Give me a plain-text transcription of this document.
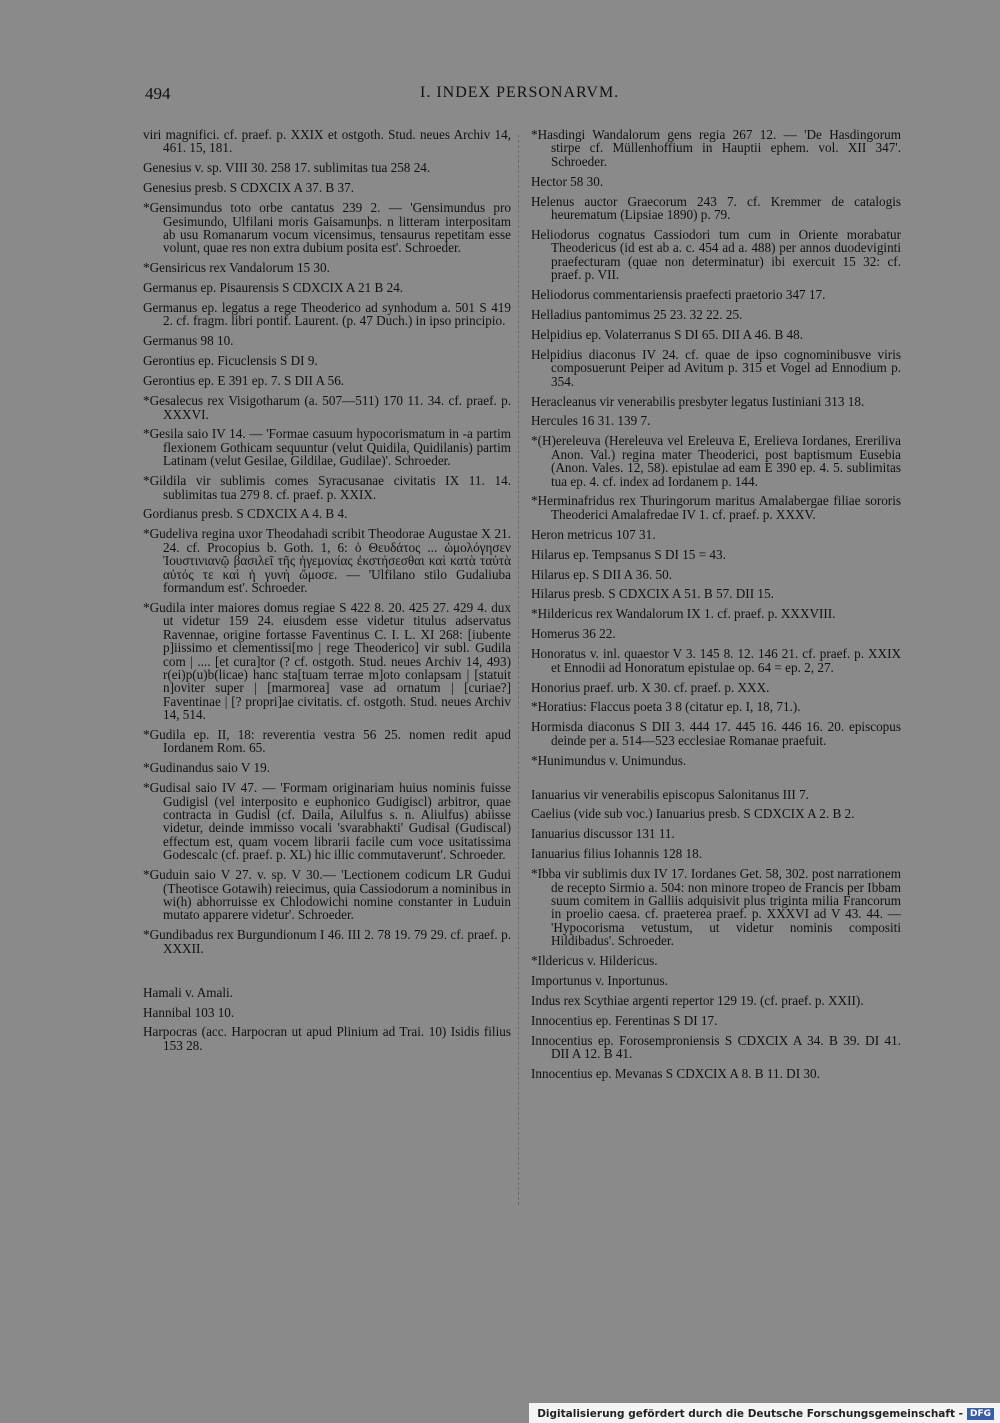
494	I. INDEX PERSONARVM.
viri magnifici. cf. praef. p. XXIX et ostgoth. Stud. neues Archiv 14, 461. 15, 181.
Genesius v. sp. VIII 30. 258 17. sublimitas tua 258 24.
Genesius presb. S CDXCIX A 37. B 37.
*Gensimundus toto orbe cantatus 239 2. — 'Gensimundus pro Gesimundo, Ulfilani moris Gaisamunþs. n litteram interpositam ab usu Romanarum vocum vicensimus, tensaurus repetitam esse volunt, quae res non extra dubium posita est'. Schroeder.
*Gensiricus rex Vandalorum 15 30.
Germanus ep. Pisaurensis S CDXCIX A 21 B 24.
Germanus ep. legatus a rege Theoderico ad synhodum a. 501 S 419 2. cf. fragm. libri pontif. Laurent. (p. 47 Duch.) in ipso principio.
Germanus 98 10.
Gerontius ep. Ficuclensis S DI 9.
Gerontius ep. E 391 ep. 7. S DII A 56.
*Gesalecus rex Visigotharum (a. 507—511) 170 11. 34. cf. praef. p. XXXVI.
*Gesila saio IV 14. — 'Formae casuum hypocorismatum in -a partim flexionem Gothicam sequuntur (velut Quidila, Quidilanis) partim Latinam (velut Gesilae, Gildilae, Gudilae)'. Schroeder.
*Gildila vir sublimis comes Syracusanae civitatis IX 11. 14. sublimitas tua 279 8. cf. praef. p. XXIX.
Gordianus presb. S CDXCIX A 4. B 4.
*Gudeliva regina uxor Theodahadi scribit Theodorae Augustae X 21. 24. cf. Procopius b. Goth. 1, 6: ὁ Θευδάτος ... ὡμολόγησεν Ἰουστινιανῷ βασιλεῖ τῆς ἡγεμονίας ἐκστήσεσθαι καὶ κατὰ ταὐτὰ αὐτός τε καὶ ἡ γυνὴ ὤμοσε. — 'Ulfilano stilo Gudaliuba formandum est'. Schroeder.
*Gudila inter maiores domus regiae S 422 8. 20. 425 27. 429 4. dux ut videtur 159 24. eiusdem esse videtur titulus adservatus Ravennae, origine fortasse Faventinus C. I. L. XI 268: [iubente p]iissimo et clementissi[mo | rege Theoderico] vir subl. Gudila com | .... [et cura]tor (? cf. ostgoth. Stud. neues Archiv 14, 493) r(ei)p(u)b(licae) hanc sta[tuam terrae m]oto conlapsam | [statuit n]oviter super | [marmorea] vase ad ornatum | [curiae?] Faventinae | [? propri]ae civitatis. cf. ostgoth. Stud. neues Archiv 14, 514.
*Gudila ep. II, 18: reverentia vestra 56 25. nomen redit apud Iordanem Rom. 65.
*Gudinandus saio V 19.
*Gudisal saio IV 47. — 'Formam originariam huius nominis fuisse Gudigisl (vel interposito e euphonico Gudigiscl) arbitror, quae contracta in Gudisl (cf. Daila, Ailulfus s. n. Aliulfus) abiisse videtur, deinde immisso vocali 'svarabhakti' Gudisal (Gudiscal) effectum est, quam vocem librarii facile cum voce usitatissima Godescalc (cf. praef. p. XL) hic illic commutaverunt'. Schroeder.
*Guduin saio V 27. v. sp. V 30.— 'Lectionem codicum LR Gudui (Theotisce Gotawih) reiecimus, quia Cassiodorum a nominibus in wi(h) abhorruisse ex Chlodowichi nomine constanter in Luduin mutato apparere videtur'. Schroeder.
*Gundibadus rex Burgundionum I 46. III 2. 78 19. 79 29. cf. praef. p. XXXII.
Hamali v. Amali.
Hannibal 103 10.
Harpocras (acc. Harpocran ut apud Plinium ad Trai. 10) Isidis filius 153 28.
*Hasdingi Wandalorum gens regia 267 12. — 'De Hasdingorum stirpe cf. Müllenhoffium in Hauptii ephem. vol. XII 347'. Schroeder.
Hector 58 30.
Helenus auctor Graecorum 243 7. cf. Kremmer de catalogis heurematum (Lipsiae 1890) p. 79.
Heliodorus cognatus Cassiodori tum cum in Oriente morabatur Theodericus (id est ab a. c. 454 ad a. 488) per annos duodeviginti praefecturam (quae non determinatur) ibi exercuit 15 32: cf. praef. p. VII.
Heliodorus commentariensis praefecti praetorio 347 17.
Helladius pantomimus 25 23. 32 22. 25.
Helpidius ep. Volaterranus S DI 65. DII A 46. B 48.
Helpidius diaconus IV 24. cf. quae de ipso cognominibusve viris composuerunt Peiper ad Avitum p. 315 et Vogel ad Ennodium p. 354.
Heracleanus vir venerabilis presbyter legatus Iustiniani 313 18.
Hercules 16 31. 139 7.
*(H)ereleuva (Hereleuva vel Ereleuva E, Erelieva Iordanes, Ereriliva Anon. Val.) regina mater Theoderici, post baptismum Eusebia (Anon. Vales. 12, 58). epistulae ad eam E 390 ep. 4. 5. sublimitas tua ep. 4. cf. index ad Iordanem p. 144.
*Herminafridus rex Thuringorum maritus Amalabergae filiae sororis Theoderici Amalafredae IV 1. cf. praef. p. XXXV.
Heron metricus 107 31.
Hilarus ep. Tempsanus S DI 15 = 43.
Hilarus ep. S DII A 36. 50.
Hilarus presb. S CDXCIX A 51. B 57. DII 15.
*Hildericus rex Wandalorum IX 1. cf. praef. p. XXXVIII.
Homerus 36 22.
Honoratus v. inl. quaestor V 3. 145 8. 12. 146 21. cf. praef. p. XXIX et Ennodii ad Honoratum epistulae op. 64 = ep. 2, 27.
Honorius praef. urb. X 30. cf. praef. p. XXX.
*Horatius: Flaccus poeta 3 8 (citatur ep. I, 18, 71.).
Hormisda diaconus S DII 3. 444 17. 445 16. 446 16. 20. episcopus deinde per a. 514—523 ecclesiae Romanae praefuit.
*Hunimundus v. Unimundus.
Ianuarius vir venerabilis episcopus Salonitanus III 7.
Caelius (vide sub voc.) Ianuarius presb. S CDXCIX A 2. B 2.
Ianuarius discussor 131 11.
Ianuarius filius Iohannis 128 18.
*Ibba vir sublimis dux IV 17. Iordanes Get. 58, 302. post narrationem de recepto Sirmio a. 504: non minore tropeo de Francis per Ibbam suum comitem in Galliis adquisivit plus triginta milia Francorum in proelio caesa. cf. praeterea praef. p. XXXVI ad V 43. 44. — 'Hypocorisma vetustum, ut videtur nominis compositi Hildibadus'. Schroeder.
*Ildericus v. Hildericus.
Importunus v. Inportunus.
Indus rex Scythiae argenti repertor 129 19. (cf. praef. p. XXII).
Innocentius ep. Ferentinas S DI 17.
Innocentius ep. Forosemproniensis S CDXCIX A 34. B 39. DI 41. DII A 12. B 41.
Innocentius ep. Mevanas S CDXCIX A 8. B 11. DI 30.
Digitalisierung gefördert durch die Deutsche Forschungsgemeinschaft - DFG
